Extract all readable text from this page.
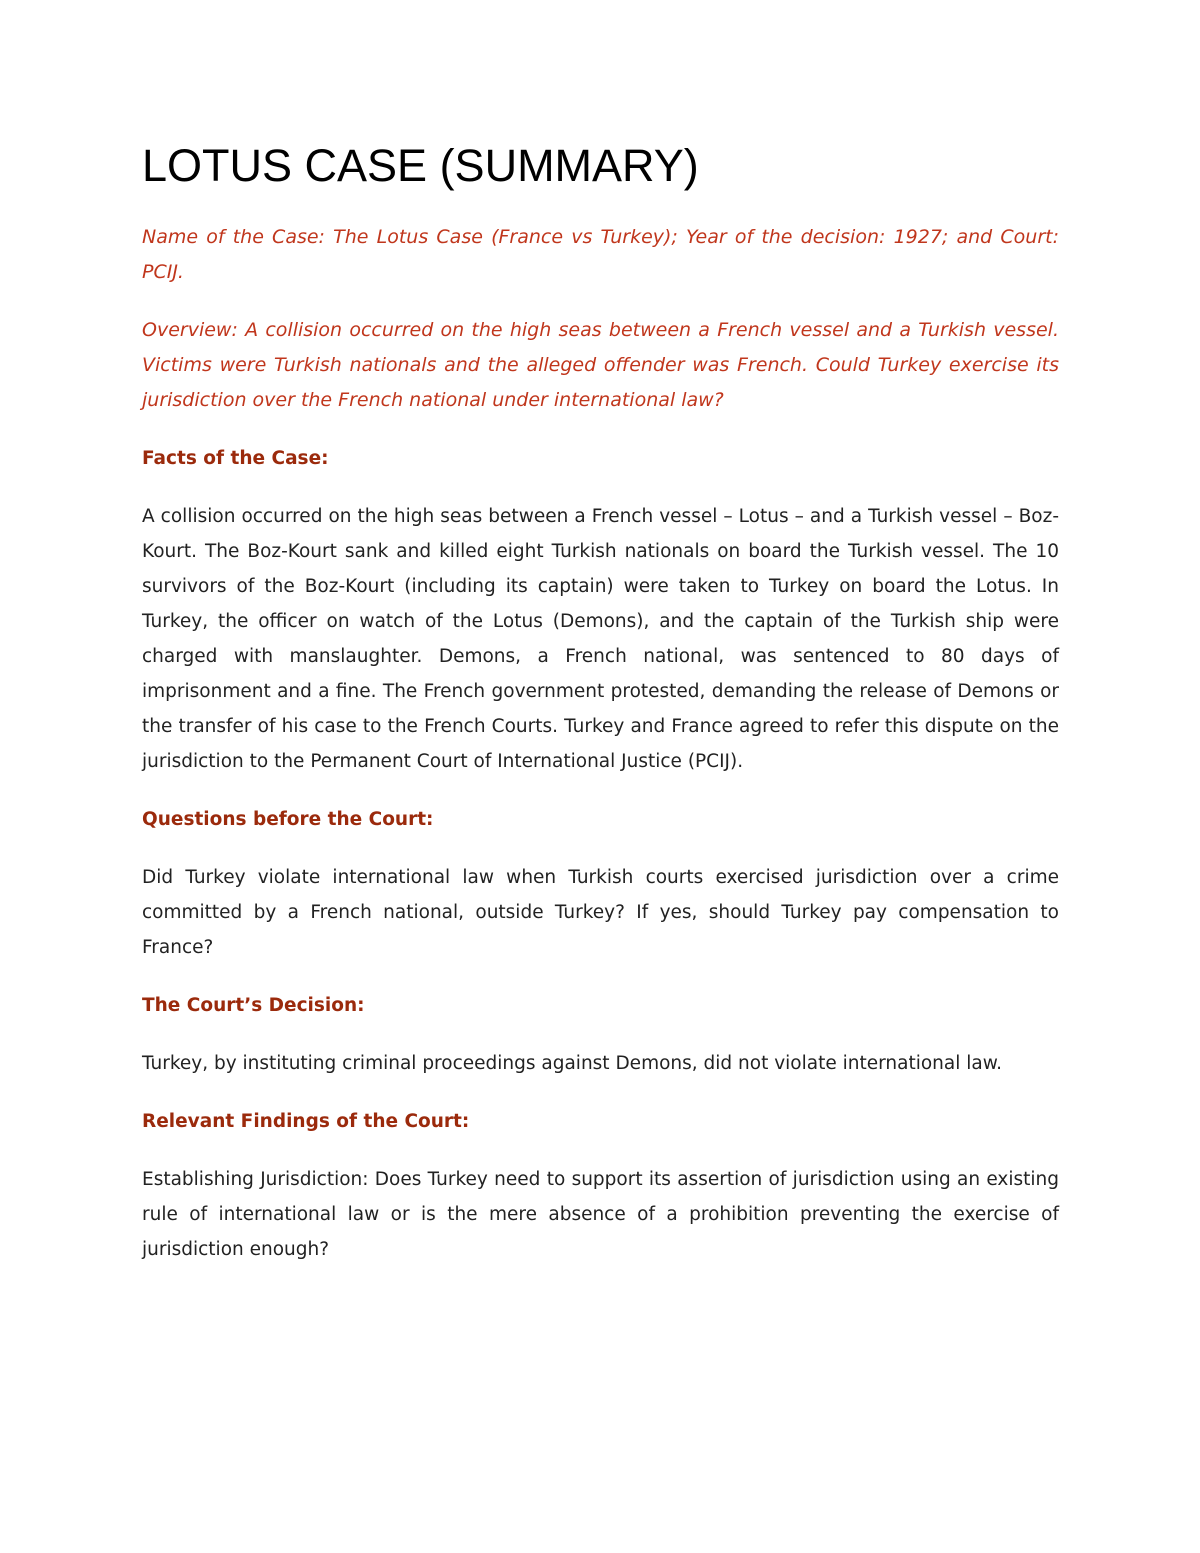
LOTUS CASE (SUMMARY)

Name of the Case: The Lotus Case (France vs Turkey); Year of the decision: 1927; and Court: PCIJ.

Overview: A collision occurred on the high seas between a French vessel and a Turkish vessel. Victims were Turkish nationals and the alleged offender was French. Could Turkey exercise its jurisdiction over the French national under international law?

Facts of the Case:

A collision occurred on the high seas between a French vessel – Lotus – and a Turkish vessel – Boz-Kourt. The Boz-Kourt sank and killed eight Turkish nationals on board the Turkish vessel. The 10 survivors of the Boz-Kourt (including its captain) were taken to Turkey on board the Lotus. In Turkey, the officer on watch of the Lotus (Demons), and the captain of the Turkish ship were charged with manslaughter. Demons, a French national, was sentenced to 80 days of imprisonment and a fine. The French government protested, demanding the release of Demons or the transfer of his case to the French Courts. Turkey and France agreed to refer this dispute on the jurisdiction to the Permanent Court of International Justice (PCIJ).

Questions before the Court:

Did Turkey violate international law when Turkish courts exercised jurisdiction over a crime committed by a French national, outside Turkey? If yes, should Turkey pay compensation to France?

The Court’s Decision:

Turkey, by instituting criminal proceedings against Demons, did not violate international law.

Relevant Findings of the Court:

Establishing Jurisdiction: Does Turkey need to support its assertion of jurisdiction using an existing rule of international law or is the mere absence of a prohibition preventing the exercise of jurisdiction enough?
